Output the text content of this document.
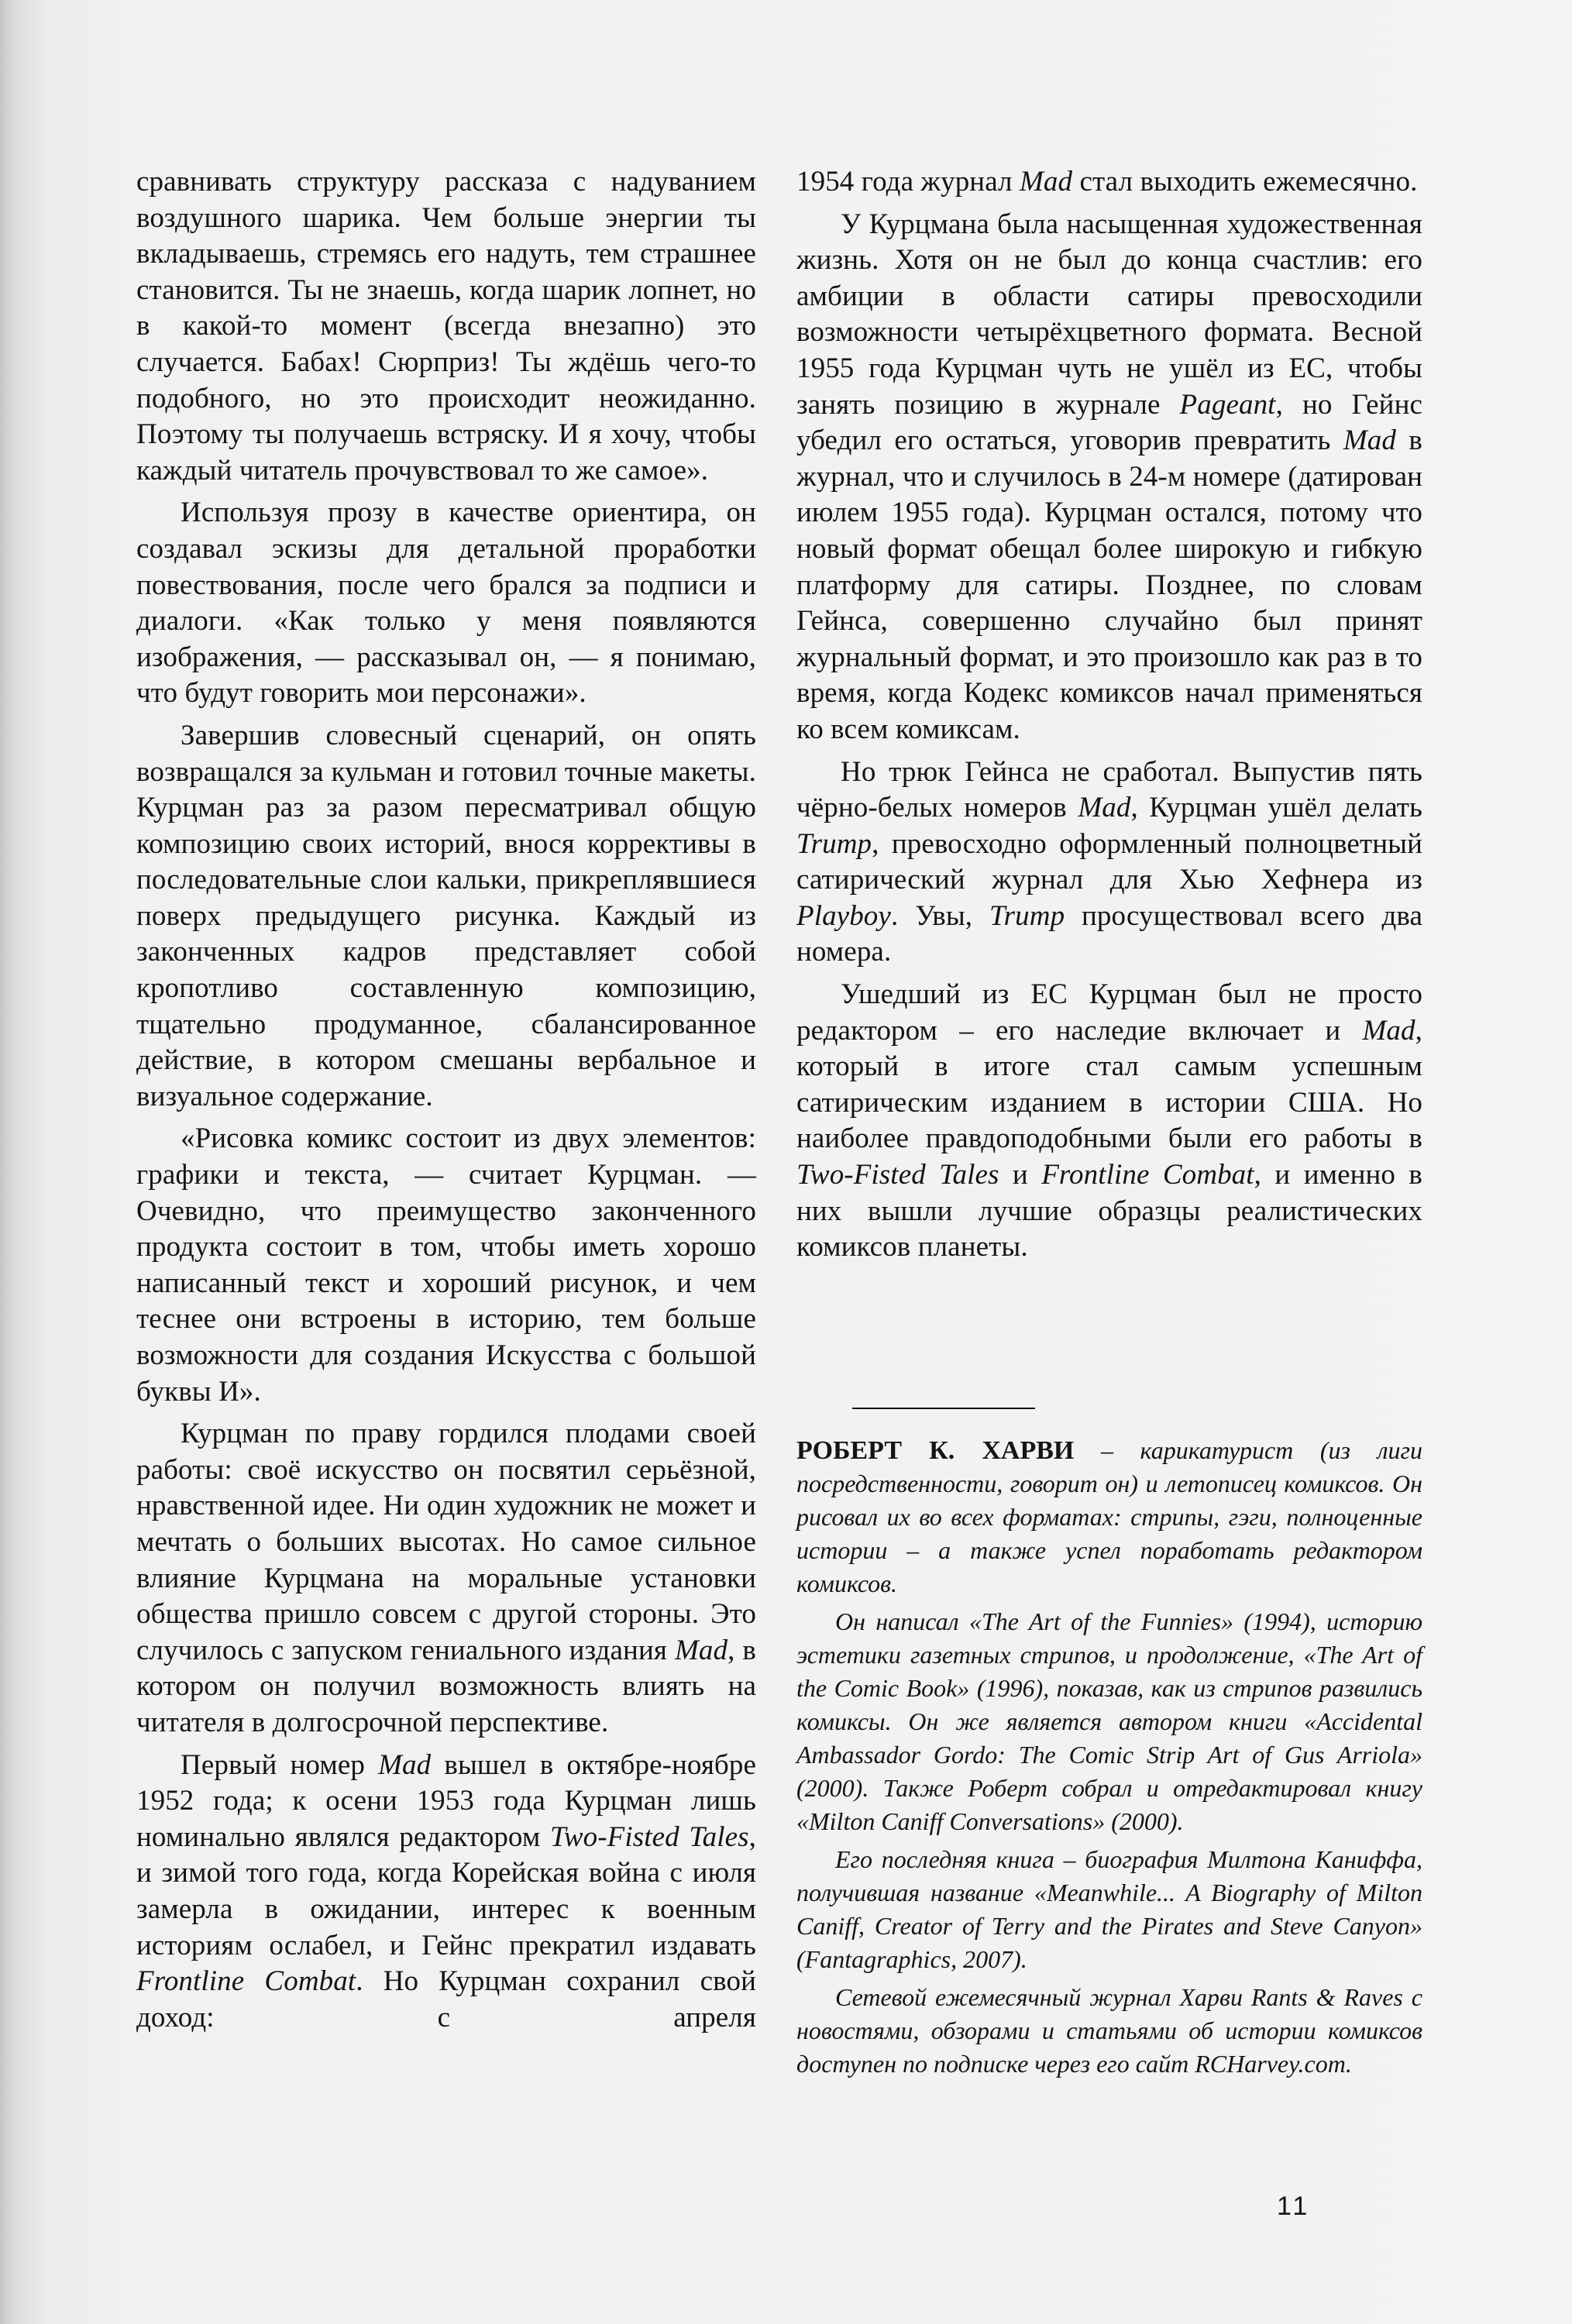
сравнивать структуру рассказа с надуванием воздушного шарика. Чем больше энергии ты вкладываешь, стремясь его надуть, тем страшнее становится. Ты не знаешь, когда шарик лопнет, но в какой-то момент (всегда внезапно) это случается. Бабах! Сюрприз! Ты ждёшь чего-то подобного, но это происходит неожиданно. Поэтому ты получаешь встряску. И я хочу, чтобы каждый читатель прочувствовал то же самое».

Используя прозу в качестве ориентира, он создавал эскизы для детальной проработки повествования, после чего брался за подписи и диалоги. «Как только у меня появляются изображения, — рассказывал он, — я понимаю, что будут говорить мои персонажи».

Завершив словесный сценарий, он опять возвращался за кульман и готовил точные макеты. Курцман раз за разом пересматривал общую композицию своих историй, внося коррективы в последовательные слои кальки, прикреплявшиеся поверх предыдущего рисунка. Каждый из законченных кадров представляет собой кропотливо составленную композицию, тщательно продуманное, сбалансированное действие, в котором смешаны вербальное и визуальное содержание.

«Рисовка комикс состоит из двух элементов: графики и текста, — считает Курцман. — Очевидно, что преимущество законченного продукта состоит в том, чтобы иметь хорошо написанный текст и хороший рисунок, и чем теснее они встроены в историю, тем больше возможности для создания Искусства с большой буквы И».

Курцман по праву гордился плодами своей работы: своё искусство он посвятил серьёзной, нравственной идее. Ни один художник не может и мечтать о больших высотах. Но самое сильное влияние Курцмана на моральные установки общества пришло совсем с другой стороны. Это случилось с запуском гениального издания Mad, в котором он получил возможность влиять на читателя в долгосрочной перспективе.

Первый номер Mad вышел в октябре-ноябре 1952 года; к осени 1953 года Курцман лишь номинально являлся редактором Two-Fisted Tales, и зимой того года, когда Корейская война с июля замерла в ожидании, интерес к военным историям ослабел, и Гейнс прекратил издавать Frontline Combat. Но Курцман сохранил свой доход: с апреля

1954 года журнал Mad стал выходить ежемесячно.

У Курцмана была насыщенная художественная жизнь. Хотя он не был до конца счастлив: его амбиции в области сатиры превосходили возможности четырёхцветного формата. Весной 1955 года Курцман чуть не ушёл из EC, чтобы занять позицию в журнале Pageant, но Гейнс убедил его остаться, уговорив превратить Mad в журнал, что и случилось в 24-м номере (датирован июлем 1955 года). Курцман остался, потому что новый формат обещал более широкую и гибкую платформу для сатиры. Позднее, по словам Гейнса, совершенно случайно был принят журнальный формат, и это произошло как раз в то время, когда Кодекс комиксов начал применяться ко всем комиксам.

Но трюк Гейнса не сработал. Выпустив пять чёрно-белых номеров Mad, Курцман ушёл делать Trump, превосходно оформленный полноцветный сатирический журнал для Хью Хефнера из Playboy. Увы, Trump просуществовал всего два номера.

Ушедший из EC Курцман был не просто редактором – его наследие включает и Mad, который в итоге стал самым успешным сатирическим изданием в истории США. Но наиболее правдоподобными были его работы в Two-Fisted Tales и Frontline Combat, и именно в них вышли лучшие образцы реалистических комиксов планеты.

РОБЕРТ К. ХАРВИ – карикатурист (из лиги посредственности, говорит он) и летописец комиксов. Он рисовал их во всех форматах: стрипы, гэги, полноценные истории – а также успел поработать редактором комиксов.

Он написал «The Art of the Funnies» (1994), историю эстетики газетных стрипов, и продолжение, «The Art of the Comic Book» (1996), показав, как из стрипов развились комиксы. Он же является автором книги «Accidental Ambassador Gordo: The Comic Strip Art of Gus Arriola» (2000). Также Роберт собрал и отредактировал книгу «Milton Caniff Conversations» (2000).

Его последняя книга – биография Милтона Каниффа, получившая название «Meanwhile... A Biography of Milton Caniff, Creator of Terry and the Pirates and Steve Canyon» (Fantagraphics, 2007).

Сетевой ежемесячный журнал Харви Rants & Raves с новостями, обзорами и статьями об истории комиксов доступен по подписке через его сайт RCHarvey.com.

11
